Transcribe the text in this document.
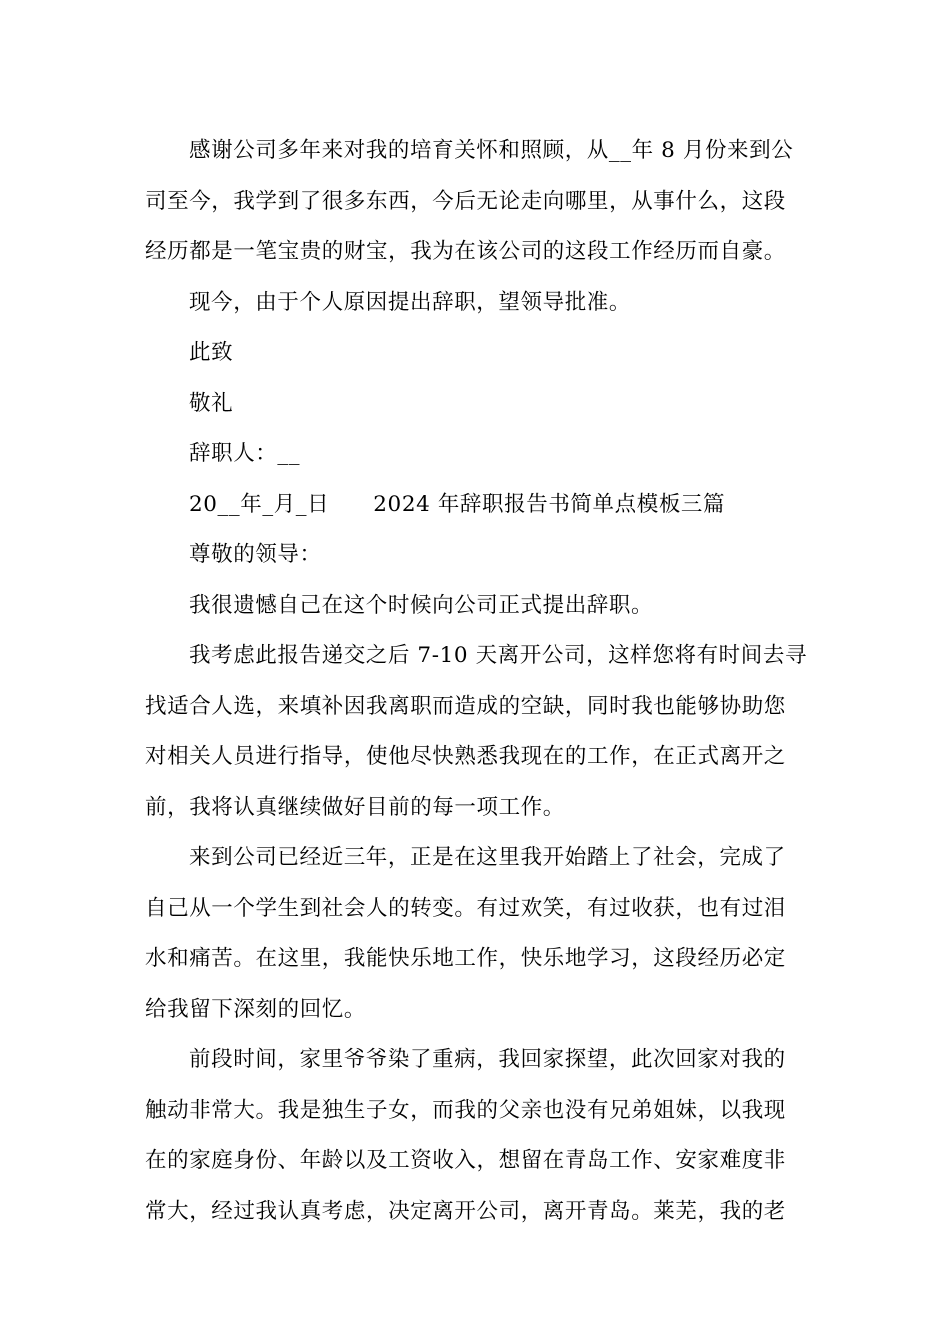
感谢公司多年来对我的培育关怀和照顾，从__年 8 月份来到公
司至今，我学到了很多东西，今后无论走向哪里，从事什么，这段
经历都是一笔宝贵的财宝，我为在该公司的这段工作经历而自豪。
现今，由于个人原因提出辞职，望领导批准。
此致
敬礼
辞职人：__
20__年_月_日 2024 年辞职报告书简单点模板三篇
尊敬的领导：
我很遗憾自己在这个时候向公司正式提出辞职。
我考虑此报告递交之后 7-10 天离开公司，这样您将有时间去寻
找适合人选，来填补因我离职而造成的空缺，同时我也能够协助您
对相关人员进行指导，使他尽快熟悉我现在的工作，在正式离开之
前，我将认真继续做好目前的每一项工作。
来到公司已经近三年，正是在这里我开始踏上了社会，完成了
自己从一个学生到社会人的转变。有过欢笑，有过收获，也有过泪
水和痛苦。在这里，我能快乐地工作，快乐地学习，这段经历必定
给我留下深刻的回忆。
前段时间，家里爷爷染了重病，我回家探望，此次回家对我的
触动非常大。我是独生子女，而我的父亲也没有兄弟姐妹，以我现
在的家庭身份、年龄以及工资收入，想留在青岛工作、安家难度非
常大，经过我认真考虑，决定离开公司，离开青岛。莱芜，我的老
